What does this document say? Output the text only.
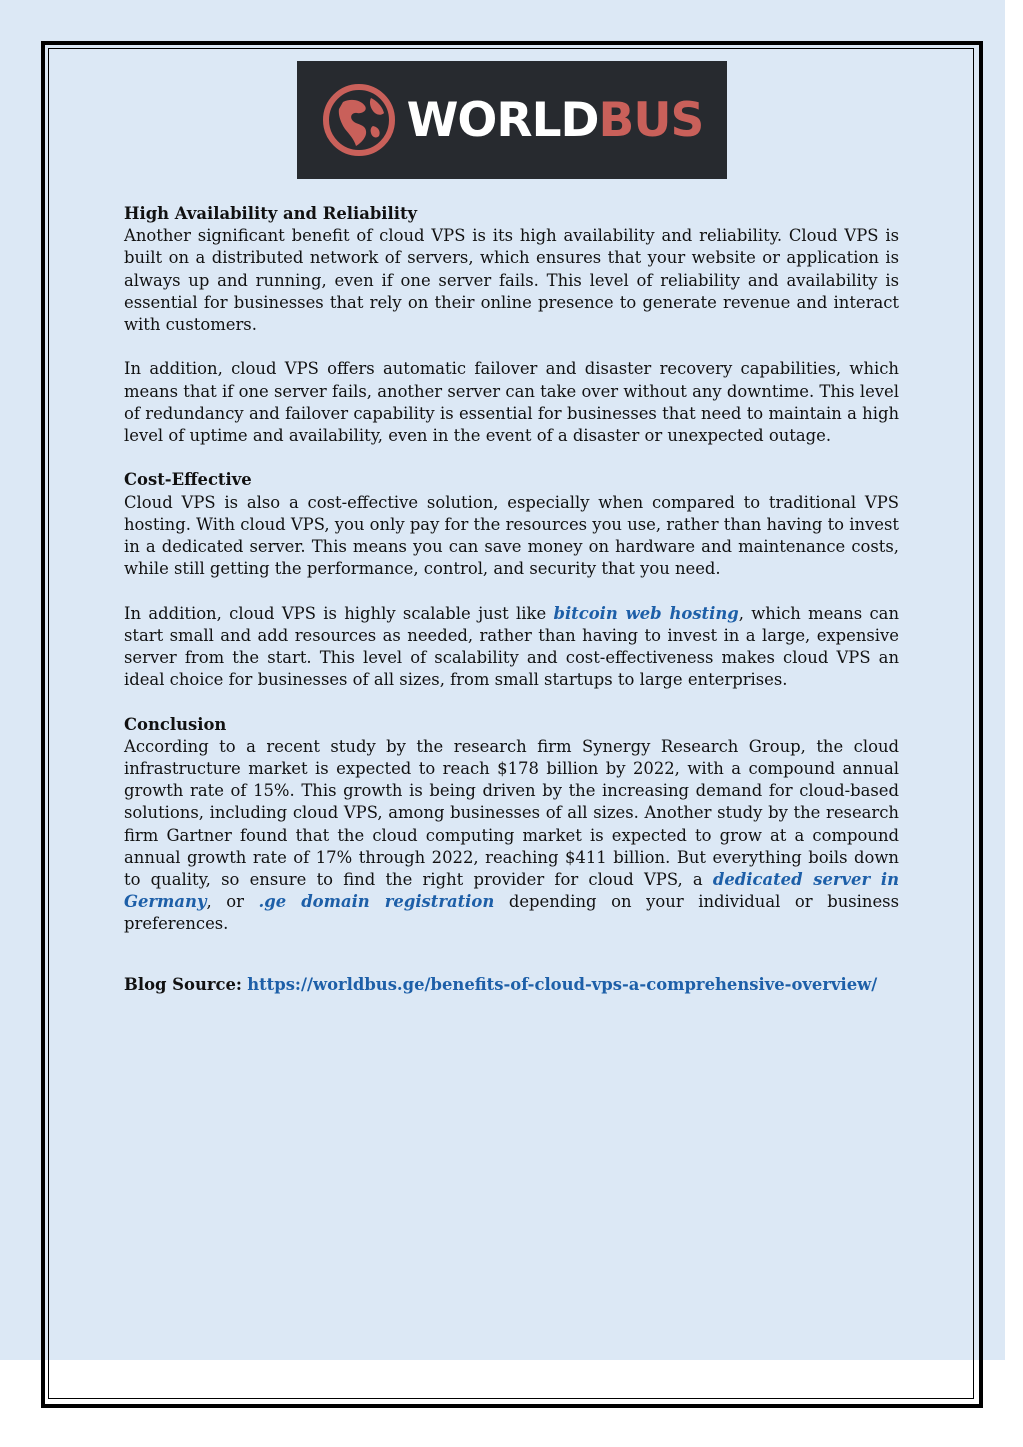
WORLDBUS
High Availability and Reliability

Another significant benefit of cloud VPS is its high availability and reliability. Cloud VPS is built on a distributed network of servers, which ensures that your website or application is always up and running, even if one server fails. This level of reliability and availability is essential for businesses that rely on their online presence to generate revenue and interact with customers.

In addition, cloud VPS offers automatic failover and disaster recovery capabilities, which means that if one server fails, another server can take over without any downtime. This level of redundancy and failover capability is essential for businesses that need to maintain a high level of uptime and availability, even in the event of a disaster or unexpected outage.

Cost-Effective

Cloud VPS is also a cost-effective solution, especially when compared to traditional VPS hosting. With cloud VPS, you only pay for the resources you use, rather than having to invest in a dedicated server. This means you can save money on hardware and maintenance costs, while still getting the performance, control, and security that you need.

In addition, cloud VPS is highly scalable just like bitcoin web hosting, which means can start small and add resources as needed, rather than having to invest in a large, expensive server from the start. This level of scalability and cost-effectiveness makes cloud VPS an ideal choice for businesses of all sizes, from small startups to large enterprises.

Conclusion

According to a recent study by the research firm Synergy Research Group, the cloud infrastructure market is expected to reach $178 billion by 2022, with a compound annual growth rate of 15%. This growth is being driven by the increasing demand for cloud-based solutions, including cloud VPS, among businesses of all sizes. Another study by the research firm Gartner found that the cloud computing market is expected to grow at a compound annual growth rate of 17% through 2022, reaching $411 billion. But everything boils down to quality, so ensure to find the right provider for cloud VPS, a dedicated server in Germany, or .ge domain registration depending on your individual or business preferences.

Blog Source: https://worldbus.ge/benefits-of-cloud-vps-a-comprehensive-overview/
